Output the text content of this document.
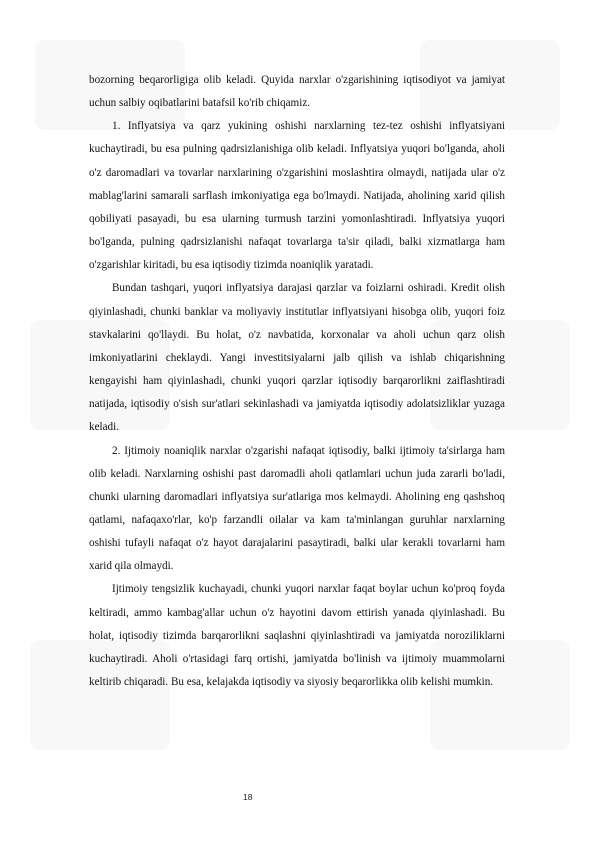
bozorning beqarorligiga olib keladi. Quyida narxlar o'zgarishining iqtisodiyot va jamiyat uchun salbiy oqibatlarini batafsil ko'rib chiqamiz.

1. Inflyatsiya va qarz yukining oshishi narxlarning tez-tez oshishi inflyatsiyani kuchaytiradi, bu esa pulning qadrsizlanishiga olib keladi. Inflyatsiya yuqori bo'lganda, aholi o'z daromadlari va tovarlar narxlarining o'zgarishini moslashtira olmaydi, natijada ular o'z mablag'larini samarali sarflash imkoniyatiga ega bo'lmaydi. Natijada, aholining xarid qilish qobiliyati pasayadi, bu esa ularning turmush tarzini yomonlashtiradi. Inflyatsiya yuqori bo'lganda, pulning qadrsizlanishi nafaqat tovarlarga ta'sir qiladi, balki xizmatlarga ham o'zgarishlar kiritadi, bu esa iqtisodiy tizimda noaniqlik yaratadi.

Bundan tashqari, yuqori inflyatsiya darajasi qarzlar va foizlarni oshiradi. Kredit olish qiyinlashadi, chunki banklar va moliyaviy institutlar inflyatsiyani hisobga olib, yuqori foiz stavkalarini qo'llaydi. Bu holat, o'z navbatida, korxonalar va aholi uchun qarz olish imkoniyatlarini cheklaydi. Yangi investitsiyalarni jalb qilish va ishlab chiqarishning kengayishi ham qiyinlashadi, chunki yuqori qarzlar iqtisodiy barqarorlikni zaiflashtiradi natijada, iqtisodiy o'sish sur'atlari sekinlashadi va jamiyatda iqtisodiy adolatsizliklar yuzaga keladi.

2. Ijtimoiy noaniqlik narxlar o'zgarishi nafaqat iqtisodiy, balki ijtimoiy ta'sirlarga ham olib keladi. Narxlarning oshishi past daromadli aholi qatlamlari uchun juda zararli bo'ladi, chunki ularning daromadlari inflyatsiya sur'atlariga mos kelmaydi. Aholining eng qashshoq qatlami, nafaqaxo'rlar, ko'p farzandli oilalar va kam ta'minlangan guruhlar narxlarning oshishi tufayli nafaqat o'z hayot darajalarini pasaytiradi, balki ular kerakli tovarlarni ham xarid qila olmaydi.

Ijtimoiy tengsizlik kuchayadi, chunki yuqori narxlar faqat boylar uchun ko'proq foyda keltiradi, ammo kambag'allar uchun o'z hayotini davom ettirish yanada qiyinlashadi. Bu holat, iqtisodiy tizimda barqarorlikni saqlashni qiyinlashtiradi va jamiyatda noroziliklarni kuchaytiradi. Aholi o'rtasidagi farq ortishi, jamiyatda bo'linish va ijtimoiy muammolarni keltirib chiqaradi. Bu esa, kelajakda iqtisodiy va siyosiy beqarorlikka olib kelishi mumkin.

18
